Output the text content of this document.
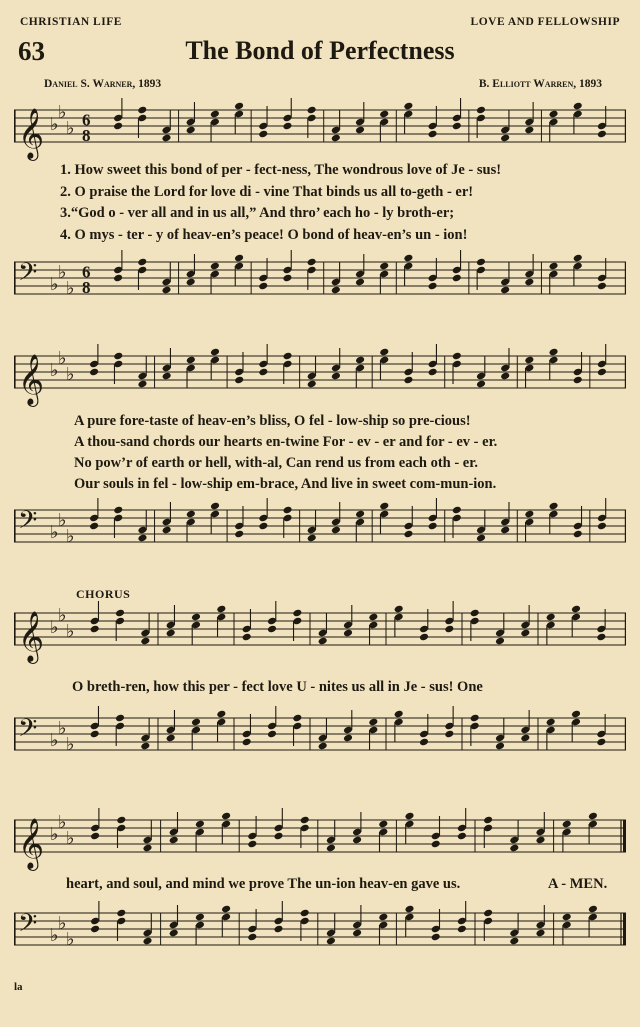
CHRISTIAN LIFE	LOVE AND FELLOWSHIP
63	The Bond of Perfectness
Daniel S. Warner, 1893	B. Elliott Warren, 1893
𝄞 ♭
♭
♭ 6
8
1. How sweet this bond of per - fect-ness, The wondrous love of Je - sus!
2. O praise the Lord for love di - vine That binds us all to-geth - er!
3.“God o - ver all and in us all,” And thro’ each ho - ly broth-er;
4. O mys - ter - y of heav-en’s peace! O bond of heav-en’s un - ion!
𝄢 ♭
♭
♭
6
8
𝄞 ♭
♭
♭
A pure fore-taste of heav-en’s bliss, O fel - low-ship so pre-cious!
A thou-sand chords our hearts en-twine For - ev - er and for - ev - er.
No pow’r of earth or hell, with-al, Can rend us from each oth - er.
Our souls in fel - low-ship em-brace, And live in sweet com-mun-ion.
𝄢 ♭
♭
♭
CHORUS
𝄞 ♭
♭
♭
O breth-ren, how this per - fect love U - nites us all in Je - sus! One
𝄢 ♭
♭
♭
𝄞 ♭
♭
♭
heart, and soul, and mind we prove The un-ion heav-en gave us.	A - MEN.
𝄢 ♭
♭
♭
la
